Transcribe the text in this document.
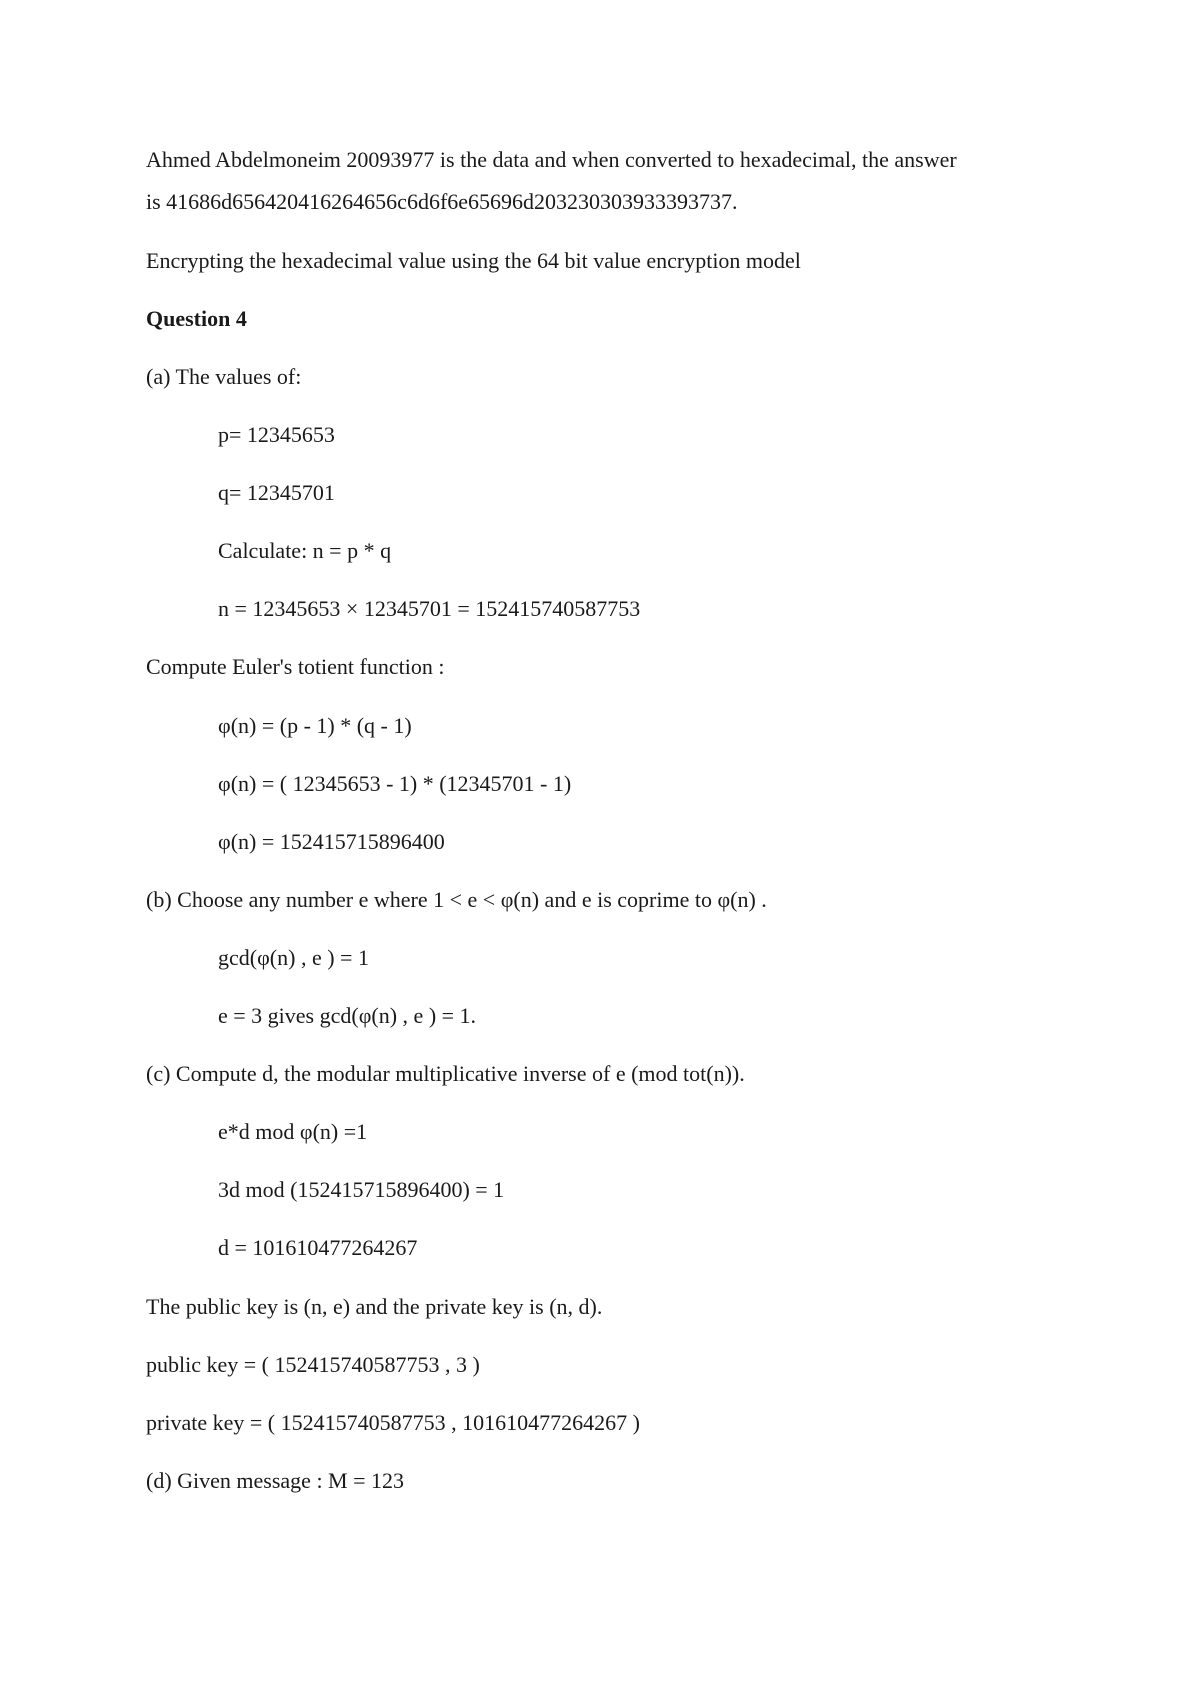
Ahmed Abdelmoneim 20093977 is the data and when converted to hexadecimal, the answer
is 41686d656420416264656c6d6f6e65696d203230303933393737.
Encrypting the hexadecimal value using the 64 bit value encryption model
Question 4
(a) The values of:
p= 12345653
q= 12345701
Calculate: n = p * q
n = 12345653 × 12345701 = 152415740587753
Compute Euler's totient function :
φ(n) = (p - 1) * (q - 1)
φ(n) = ( 12345653 - 1) * (12345701 - 1)
φ(n) = 152415715896400
(b) Choose any number e where 1 < e < φ(n) and e is coprime to φ(n) .
gcd(φ(n) , e ) = 1
e = 3 gives gcd(φ(n) , e ) = 1.
(c) Compute d, the modular multiplicative inverse of e (mod tot(n)).
e*d mod φ(n) =1
3d mod (152415715896400) = 1
d = 101610477264267
The public key is (n, e) and the private key is (n, d).
public key = ( 152415740587753 , 3 )
private key = ( 152415740587753 , 101610477264267 )
(d) Given message : M = 123
